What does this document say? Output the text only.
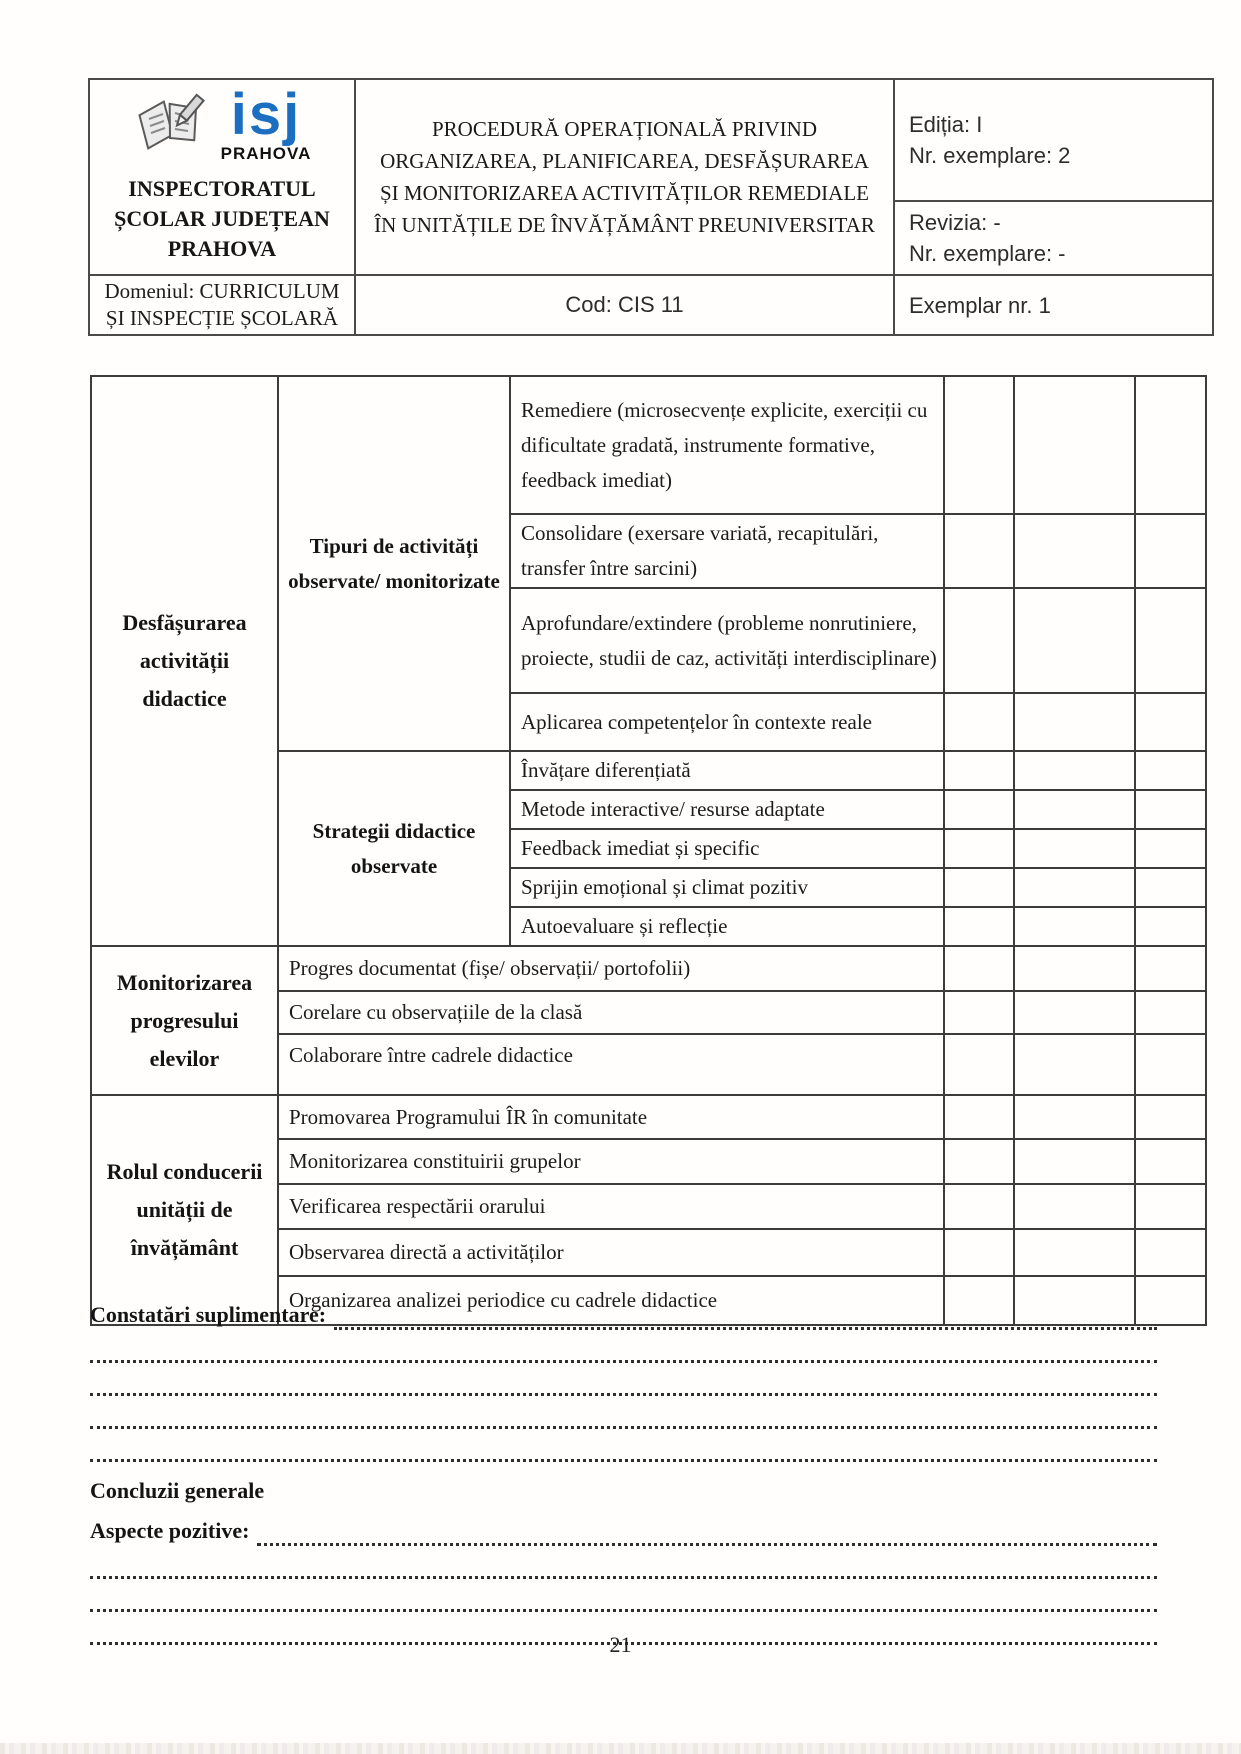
isj
PRAHOVA
INSPECTORATUL ȘCOLAR JUDEȚEAN PRAHOVA

PROCEDURĂ OPERAȚIONALĂ PRIVIND ORGANIZAREA, PLANIFICAREA, DESFĂȘURAREA ȘI MONITORIZAREA ACTIVITĂȚILOR REMEDIALE ÎN UNITĂȚILE DE ÎNVĂȚĂMÂNT PREUNIVERSITAR

Ediția: I
Nr. exemplare: 2

		Revizia: -
Nr. exemplare: -

Domeniul: CURRICULUM ȘI INSPECȚIE ȘCOLARĂ	Cod: CIS 11	Exemplar nr. 1
Desfășurarea activității didactice	Tipuri de activități observate/ monitorizate	Remediere (microsecvențe explicite, exerciții cu dificultate gradată, instrumente formative, feedback imediat)			
		Consolidare (exersare variată, recapitulări, transfer între sarcini)			
		Aprofundare/extindere (probleme nonrutiniere, proiecte, studii de caz, activități interdisciplinare)			
		Aplicarea competențelor în contexte reale			
	Strategii didactice observate	Învățare diferențiată			
		Metode interactive/ resurse adaptate			
		Feedback imediat și specific			
		Sprijin emoțional și climat pozitiv			
		Autoevaluare și reflecție			
Monitorizarea progresului elevilor	Progres documentat (fișe/ observații/ portofolii)				
	Corelare cu observațiile de la clasă				
	Colaborare între cadrele didactice				
Rolul conducerii unității de învățământ	Promovarea Programului ÎR în comunitate				
	Monitorizarea constituirii grupelor				
	Verificarea respectării orarului				
	Observarea directă a activităților				
	Organizarea analizei periodice cu cadrele didactice				
Constatări suplimentare:
Concluzii generale
Aspecte pozitive:
21
